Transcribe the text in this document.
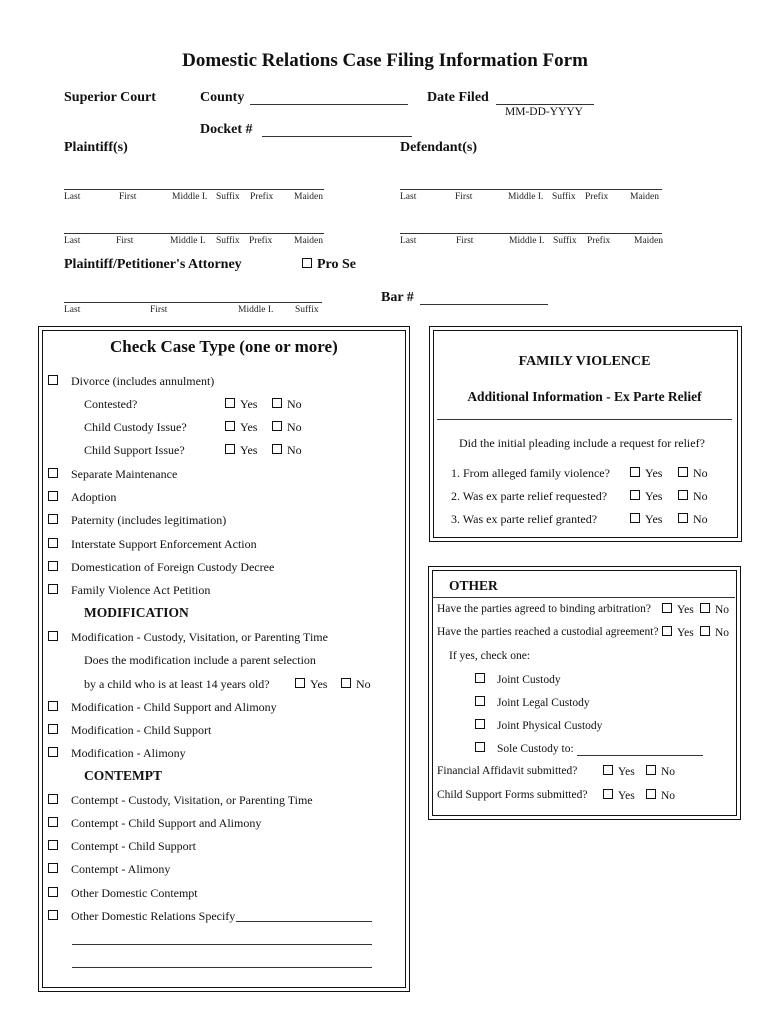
Domestic Relations Case Filing Information Form
Superior Court	County	Date Filed
MM-DD-YYYY
Docket #
Plaintiff(s)	Defendant(s)
Last	First	Middle I. Suffix Prefix Maiden
Last	First	Middle I. Suffix Prefix Maiden
Last	First	Middle I. Suffix Prefix Maiden
Last	First	Middle I. Suffix Prefix	Maiden
Plaintiff/Petitioner's Attorney	Pro Se
Bar #
Last	First	Middle I. Suffix
Check Case Type (one or more)
Divorce (includes annulment)
Contested?	Yes	No
Child Custody Issue?	Yes	No
Child Support Issue?	Yes	No
Separate Maintenance
Adoption
Paternity (includes legitimation)
Interstate Support Enforcement Action
Domestication of Foreign Custody Decree
Family Violence Act Petition
MODIFICATION
Modification - Custody, Visitation, or Parenting Time
Does the modification include a parent selection
by a child who is at least 14 years old?	Yes	No
Modification - Child Support and Alimony
Modification - Child Support
Modification - Alimony
CONTEMPT
Contempt - Custody, Visitation, or Parenting Time
Contempt - Child Support and Alimony
Contempt - Child Support
Contempt - Alimony
Other Domestic Contempt
Other Domestic Relations Specify
FAMILY VIOLENCE
Additional Information - Ex Parte Relief
Did the initial pleading include a request for relief?
1. From alleged family violence?	Yes	No
2. Was ex parte relief requested?	Yes	No
3. Was ex parte relief granted?	Yes	No
OTHER
Have the parties agreed to binding arbitration?	Yes	No
Have the parties reached a custodial agreement?	Yes	No
If yes, check one:
Joint Custody
Joint Legal Custody
Joint Physical Custody
Sole Custody to:
Financial Affidavit submitted?	Yes	No
Child Support Forms submitted?	Yes	No
